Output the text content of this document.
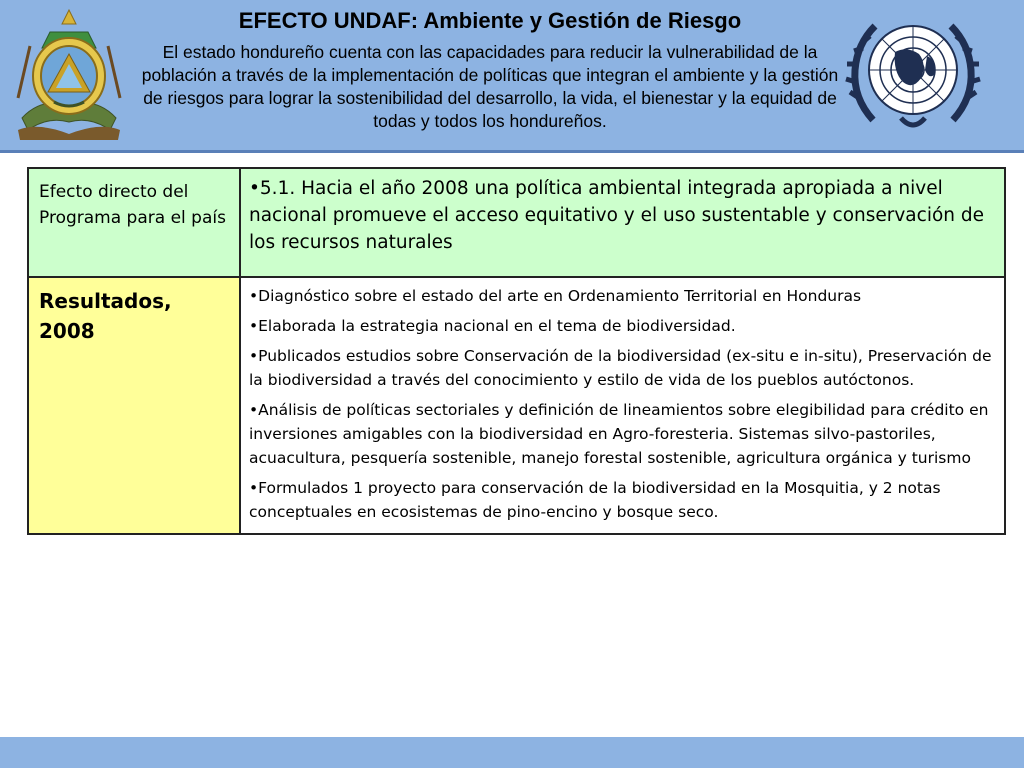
EFECTO UNDAF: Ambiente y Gestión de Riesgo
El estado hondureño cuenta con las capacidades para reducir la vulnerabilidad de la población a través de la implementación de políticas que integran el ambiente y la gestión de riesgos para lograr la sostenibilidad del desarrollo, la vida, el bienestar y la equidad de todas y todos los hondureños.
Efecto directo del Programa para el país	•5.1. Hacia el año 2008 una política ambiental integrada apropiada a nivel nacional promueve el acceso equitativo y el uso sustentable y conservación de los recursos naturales
Resultados, 2008	•Diagnóstico sobre el estado del arte en Ordenamiento Territorial en Honduras
•Elaborada la estrategia nacional en el tema de biodiversidad.
•Publicados estudios sobre Conservación de la biodiversidad (ex-situ e in-situ), Preservación de la biodiversidad a través del conocimiento y estilo de vida de los pueblos autóctonos.
•Análisis de políticas sectoriales y definición de lineamientos sobre elegibilidad para crédito en inversiones amigables con la biodiversidad en Agro-foresteria. Sistemas silvo-pastoriles, acuacultura, pesquería sostenible, manejo forestal sostenible, agricultura orgánica y turismo
•Formulados 1 proyecto para conservación de la biodiversidad en la Mosquitia, y 2 notas conceptuales en ecosistemas de pino-encino y bosque seco.
